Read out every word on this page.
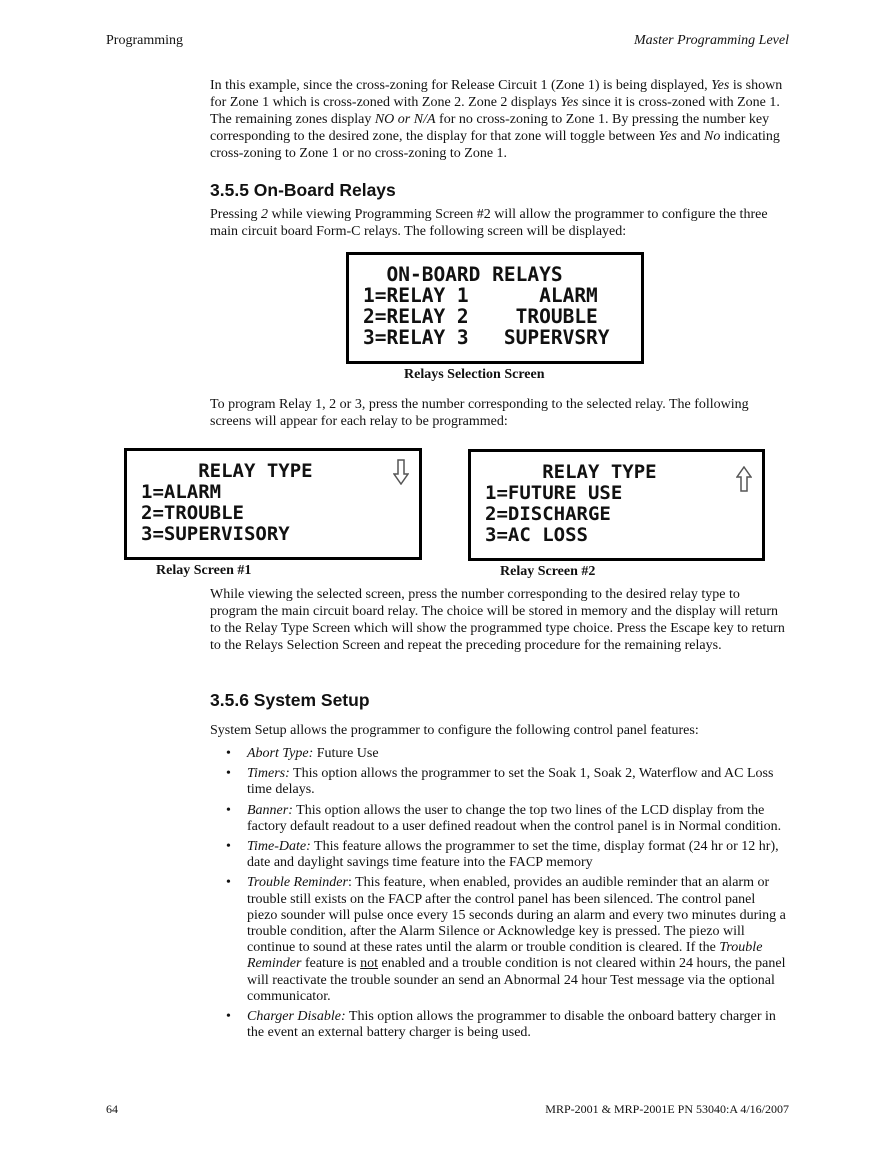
Programming	Master Programming Level

In this example, since the cross-zoning for Release Circuit 1 (Zone 1) is being displayed, Yes is shown for Zone 1 which is cross-zoned with Zone 2. Zone 2 displays Yes since it is cross-zoned with Zone 1. The remaining zones display NO or N/A for no cross-zoning to Zone 1. By pressing the number key corresponding to the desired zone, the display for that zone will toggle between Yes and No indicating cross-zoning to Zone 1 or no cross-zoning to Zone 1.

3.5.5 On-Board Relays

Pressing 2 while viewing Programming Screen #2 will allow the programmer to configure the three main circuit board Form-C relays. The following screen will be displayed:

ON-BOARD RELAYS
1=RELAY 1      ALARM
2=RELAY 2    TROUBLE
3=RELAY 3   SUPERVSRY
Relays Selection Screen

To program Relay 1, 2 or 3, press the number corresponding to the selected relay. The following screens will appear for each relay to be programmed:

RELAY TYPE
1=ALARM
2=TROUBLE
3=SUPERVISORY
Relay Screen #1
RELAY TYPE
1=FUTURE USE
2=DISCHARGE
3=AC LOSS
Relay Screen #2

While viewing the selected screen, press the number corresponding to the desired relay type to program the main circuit board relay. The choice will be stored in memory and the display will return to the Relay Type Screen which will show the programmed type choice. Press the Escape key to return to the Relays Selection Screen and repeat the preceding procedure for the remaining relays.

3.5.6 System Setup

System Setup allows the programmer to configure the following control panel features:

• Abort Type: Future Use
• Timers: This option allows the programmer to set the Soak 1, Soak 2, Waterflow and AC Loss time delays.
• Banner: This option allows the user to change the top two lines of the LCD display from the factory default readout to a user defined readout when the control panel is in Normal condition.
• Time-Date: This feature allows the programmer to set the time, display format (24 hr or 12 hr), date and daylight savings time feature into the FACP memory
• Trouble Reminder: This feature, when enabled, provides an audible reminder that an alarm or trouble still exists on the FACP after the control panel has been silenced. The control panel piezo sounder will pulse once every 15 seconds during an alarm and every two minutes during a trouble condition, after the Alarm Silence or Acknowledge key is pressed. The piezo will continue to sound at these rates until the alarm or trouble condition is cleared. If the Trouble Reminder feature is not enabled and a trouble condition is not cleared within 24 hours, the panel will reactivate the trouble sounder an send an Abnormal 24 hour Test message via the optional communicator.
• Charger Disable: This option allows the programmer to disable the onboard battery charger in the event an external battery charger is being used.
64	MRP-2001 & MRP-2001E PN 53040:A 4/16/2007
